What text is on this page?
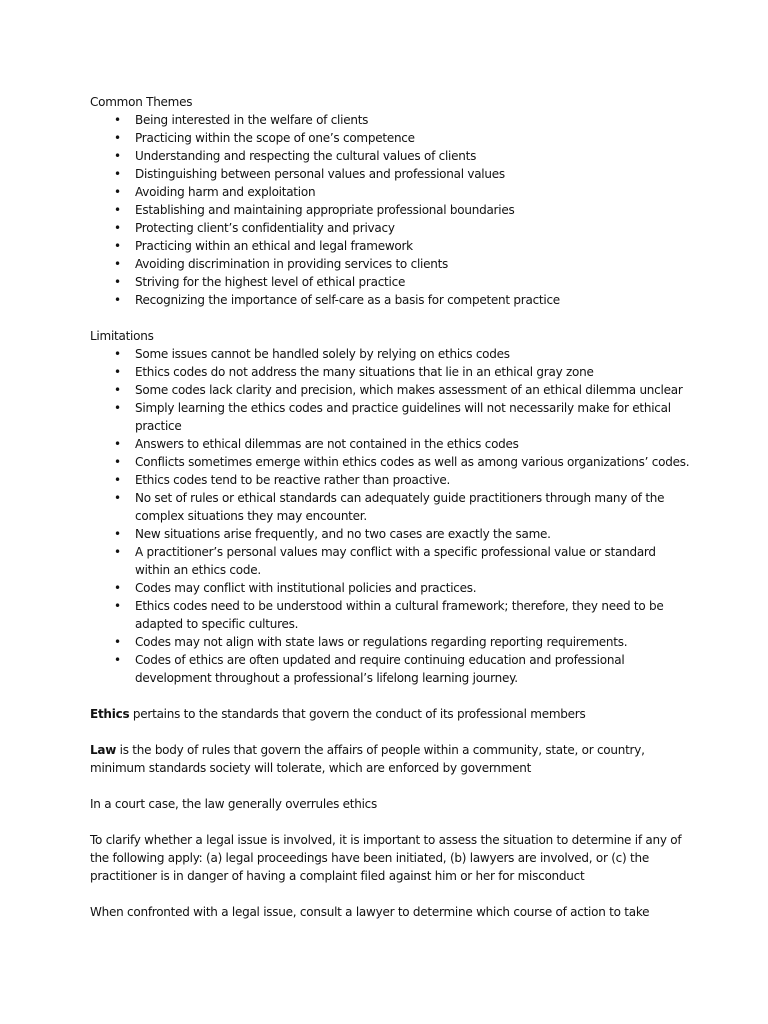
Common Themes

• Being interested in the welfare of clients
• Practicing within the scope of one’s competence
• Understanding and respecting the cultural values of clients
• Distinguishing between personal values and professional values
• Avoiding harm and exploitation
• Establishing and maintaining appropriate professional boundaries
• Protecting client’s confidentiality and privacy
• Practicing within an ethical and legal framework
• Avoiding discrimination in providing services to clients
• Striving for the highest level of ethical practice
• Recognizing the importance of self-care as a basis for competent practice

Limitations

• Some issues cannot be handled solely by relying on ethics codes
• Ethics codes do not address the many situations that lie in an ethical gray zone
• Some codes lack clarity and precision, which makes assessment of an ethical dilemma unclear
• Simply learning the ethics codes and practice guidelines will not necessarily make for ethical practice
• Answers to ethical dilemmas are not contained in the ethics codes
• Conflicts sometimes emerge within ethics codes as well as among various organizations’ codes.
• Ethics codes tend to be reactive rather than proactive.
• No set of rules or ethical standards can adequately guide practitioners through many of the complex situations they may encounter.
• New situations arise frequently, and no two cases are exactly the same.
• A practitioner’s personal values may conflict with a specific professional value or standard within an ethics code.
• Codes may conflict with institutional policies and practices.
• Ethics codes need to be understood within a cultural framework; therefore, they need to be adapted to specific cultures.
• Codes may not align with state laws or regulations regarding reporting requirements.
• Codes of ethics are often updated and require continuing education and professional development throughout a professional’s lifelong learning journey.

Ethics pertains to the standards that govern the conduct of its professional members

Law is the body of rules that govern the affairs of people within a community, state, or country, minimum standards society will tolerate, which are enforced by government

In a court case, the law generally overrules ethics

To clarify whether a legal issue is involved, it is important to assess the situation to determine if any of the following apply: (a) legal proceedings have been initiated, (b) lawyers are involved, or (c) the practitioner is in danger of having a complaint filed against him or her for misconduct

When confronted with a legal issue, consult a lawyer to determine which course of action to take
